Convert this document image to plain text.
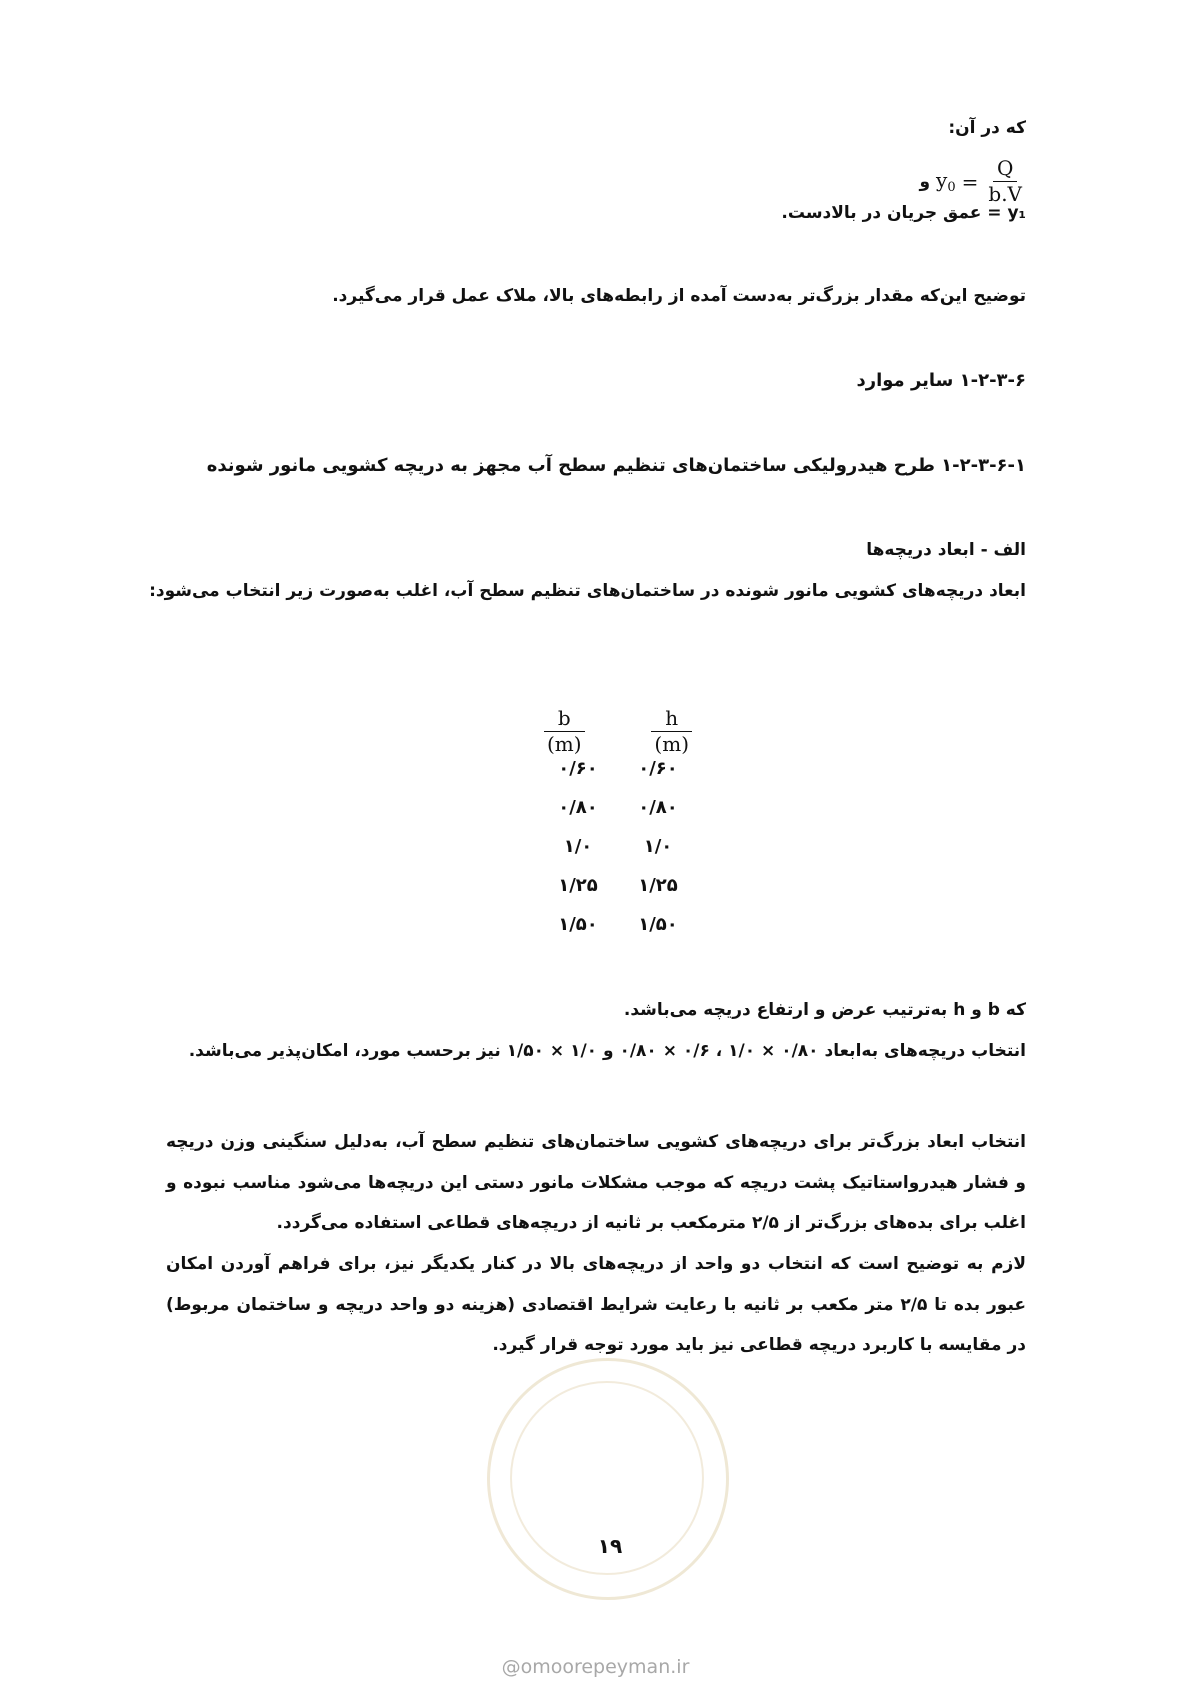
که در آن:
و $y_0 = \frac{Q}{b.V}$
y₁ = عمق جریان در بالادست.
توضیح این‌که مقدار بزرگ‌تر به‌دست آمده از رابطه‌های بالا، ملاک عمل قرار می‌گیرد.
۱-۲-۳-۶ سایر موارد
۱-۲-۳-۶-۱ طرح هیدرولیکی ساختمان‌های تنظیم سطح آب مجهز به دریچه کشویی مانور شونده
الف - ابعاد دریچه‌ها
ابعاد دریچه‌های کشویی مانور شونده در ساختمان‌های تنظیم سطح آب، اغلب به‌صورت زیر انتخاب می‌شود:
$\frac{b}{(m)}$	$\frac{h}{(m)}$
۰/۶۰	۰/۶۰
۰/۸۰	۰/۸۰
۱/۰	۱/۰
۱/۲۵	۱/۲۵
۱/۵۰	۱/۵۰
که b و h به‌ترتیب عرض و ارتفاع دریچه می‌باشد.
انتخاب دریچه‌های به‌ابعاد ۰/۸۰ × ۱/۰ ، ۰/۶ × ۰/۸۰ و ۱/۰ × ۱/۵۰ نیز برحسب مورد، امکان‌پذیر می‌باشد.
انتخاب ابعاد بزرگ‌تر برای دریچه‌های کشویی ساختمان‌های تنظیم سطح آب، به‌دلیل سنگینی وزن دریچه و فشار هیدرواستاتیک پشت دریچه که موجب مشکلات مانور دستی این دریچه‌ها می‌شود مناسب نبوده و اغلب برای بده‌های بزرگ‌تر از ۲/۵ مترمکعب بر ثانیه از دریچه‌های قطاعی استفاده می‌گردد.
لازم به توضیح است که انتخاب دو واحد از دریچه‌های بالا در کنار یکدیگر نیز، برای فراهم آوردن امکان عبور بده تا ۲/۵ متر مکعب بر ثانیه با رعایت شرایط اقتصادی (هزینه دو واحد دریچه و ساختمان مربوط) در مقایسه با کاربرد دریچه قطاعی نیز باید مورد توجه قرار گیرد.
۱۹
@omoorepeyman.ir
